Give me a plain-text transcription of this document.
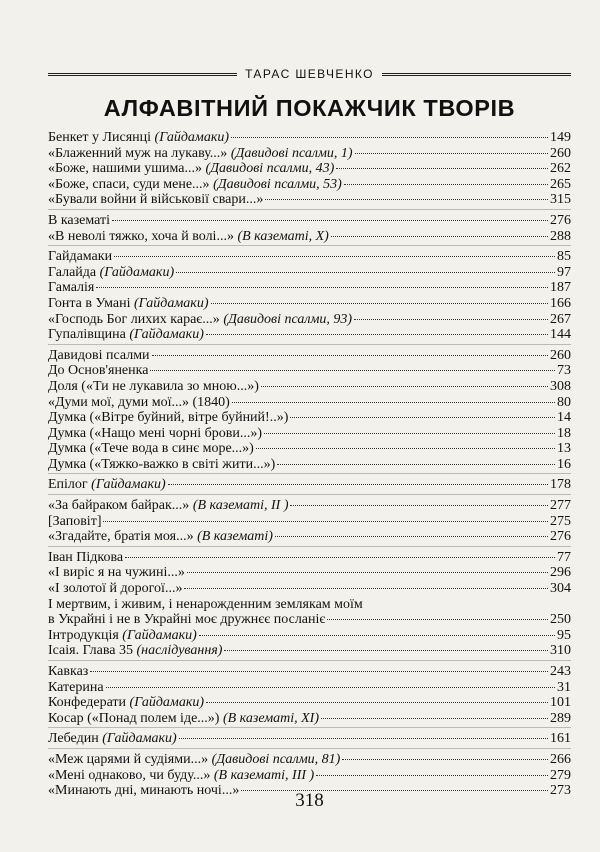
ТАРАС ШЕВЧЕНКО
АЛФАВІТНИЙ ПОКАЖЧИК ТВОРІВ
Бенкет у Лисянці (Гайдамаки)	149
«Блаженний муж на лукаву...» (Давидові псалми, 1)	260
«Боже, нашими ушима...» (Давидові псалми, 43)	262
«Боже, спаси, суди мене...» (Давидові псалми, 53)	265
«Бували войни й військовії свари...»	315
В казематі	276
«В неволі тяжко, хоча й волі...» (В казематі, X)	288
Гайдамаки	85
Галайда (Гайдамаки)	97
Гамалія	187
Гонта в Умані (Гайдамаки)	166
«Господь Бог лихих карає...» (Давидові псалми, 93)	267
Гупалівщина (Гайдамаки)	144
Давидові псалми	260
До Основ'яненка	73
Доля («Ти не лукавила зо мною...»)	308
«Думи мої, думи мої...» (1840)	80
Думка («Вітре буйний, вітре буйний!..»)	14
Думка («Нащо мені чорні брови...»)	18
Думка («Тече вода в синє море...»)	13
Думка («Тяжко-важко в світі жити...»)	16
Епілог (Гайдамаки)	178
«За байраком байрак...» (В казематі, II )	277
[Заповіт]	275
«Згадайте, братія моя...» (В казематі)	276
Іван Підкова	77
«І виріс я на чужині...»	296
«І золотої й дорогої...»	304
І мертвим, і живим, і ненарожденним землякам моїм
в Украйні і не в Украйні моє дружнєє посланіє	250
Інтродукція (Гайдамаки)	95
Ісаія. Глава 35 (наслідування)	310
Кавказ	243
Катерина	31
Конфедерати (Гайдамаки)	101
Косар («Понад полем іде...») (В казематі, XI)	289
Лебедин (Гайдамаки)	161
«Меж царями й судіями...» (Давидові псалми, 81)	266
«Мені однаково, чи буду...» (В казематі, III )	279
«Минають дні, минають ночі...»	273
318
